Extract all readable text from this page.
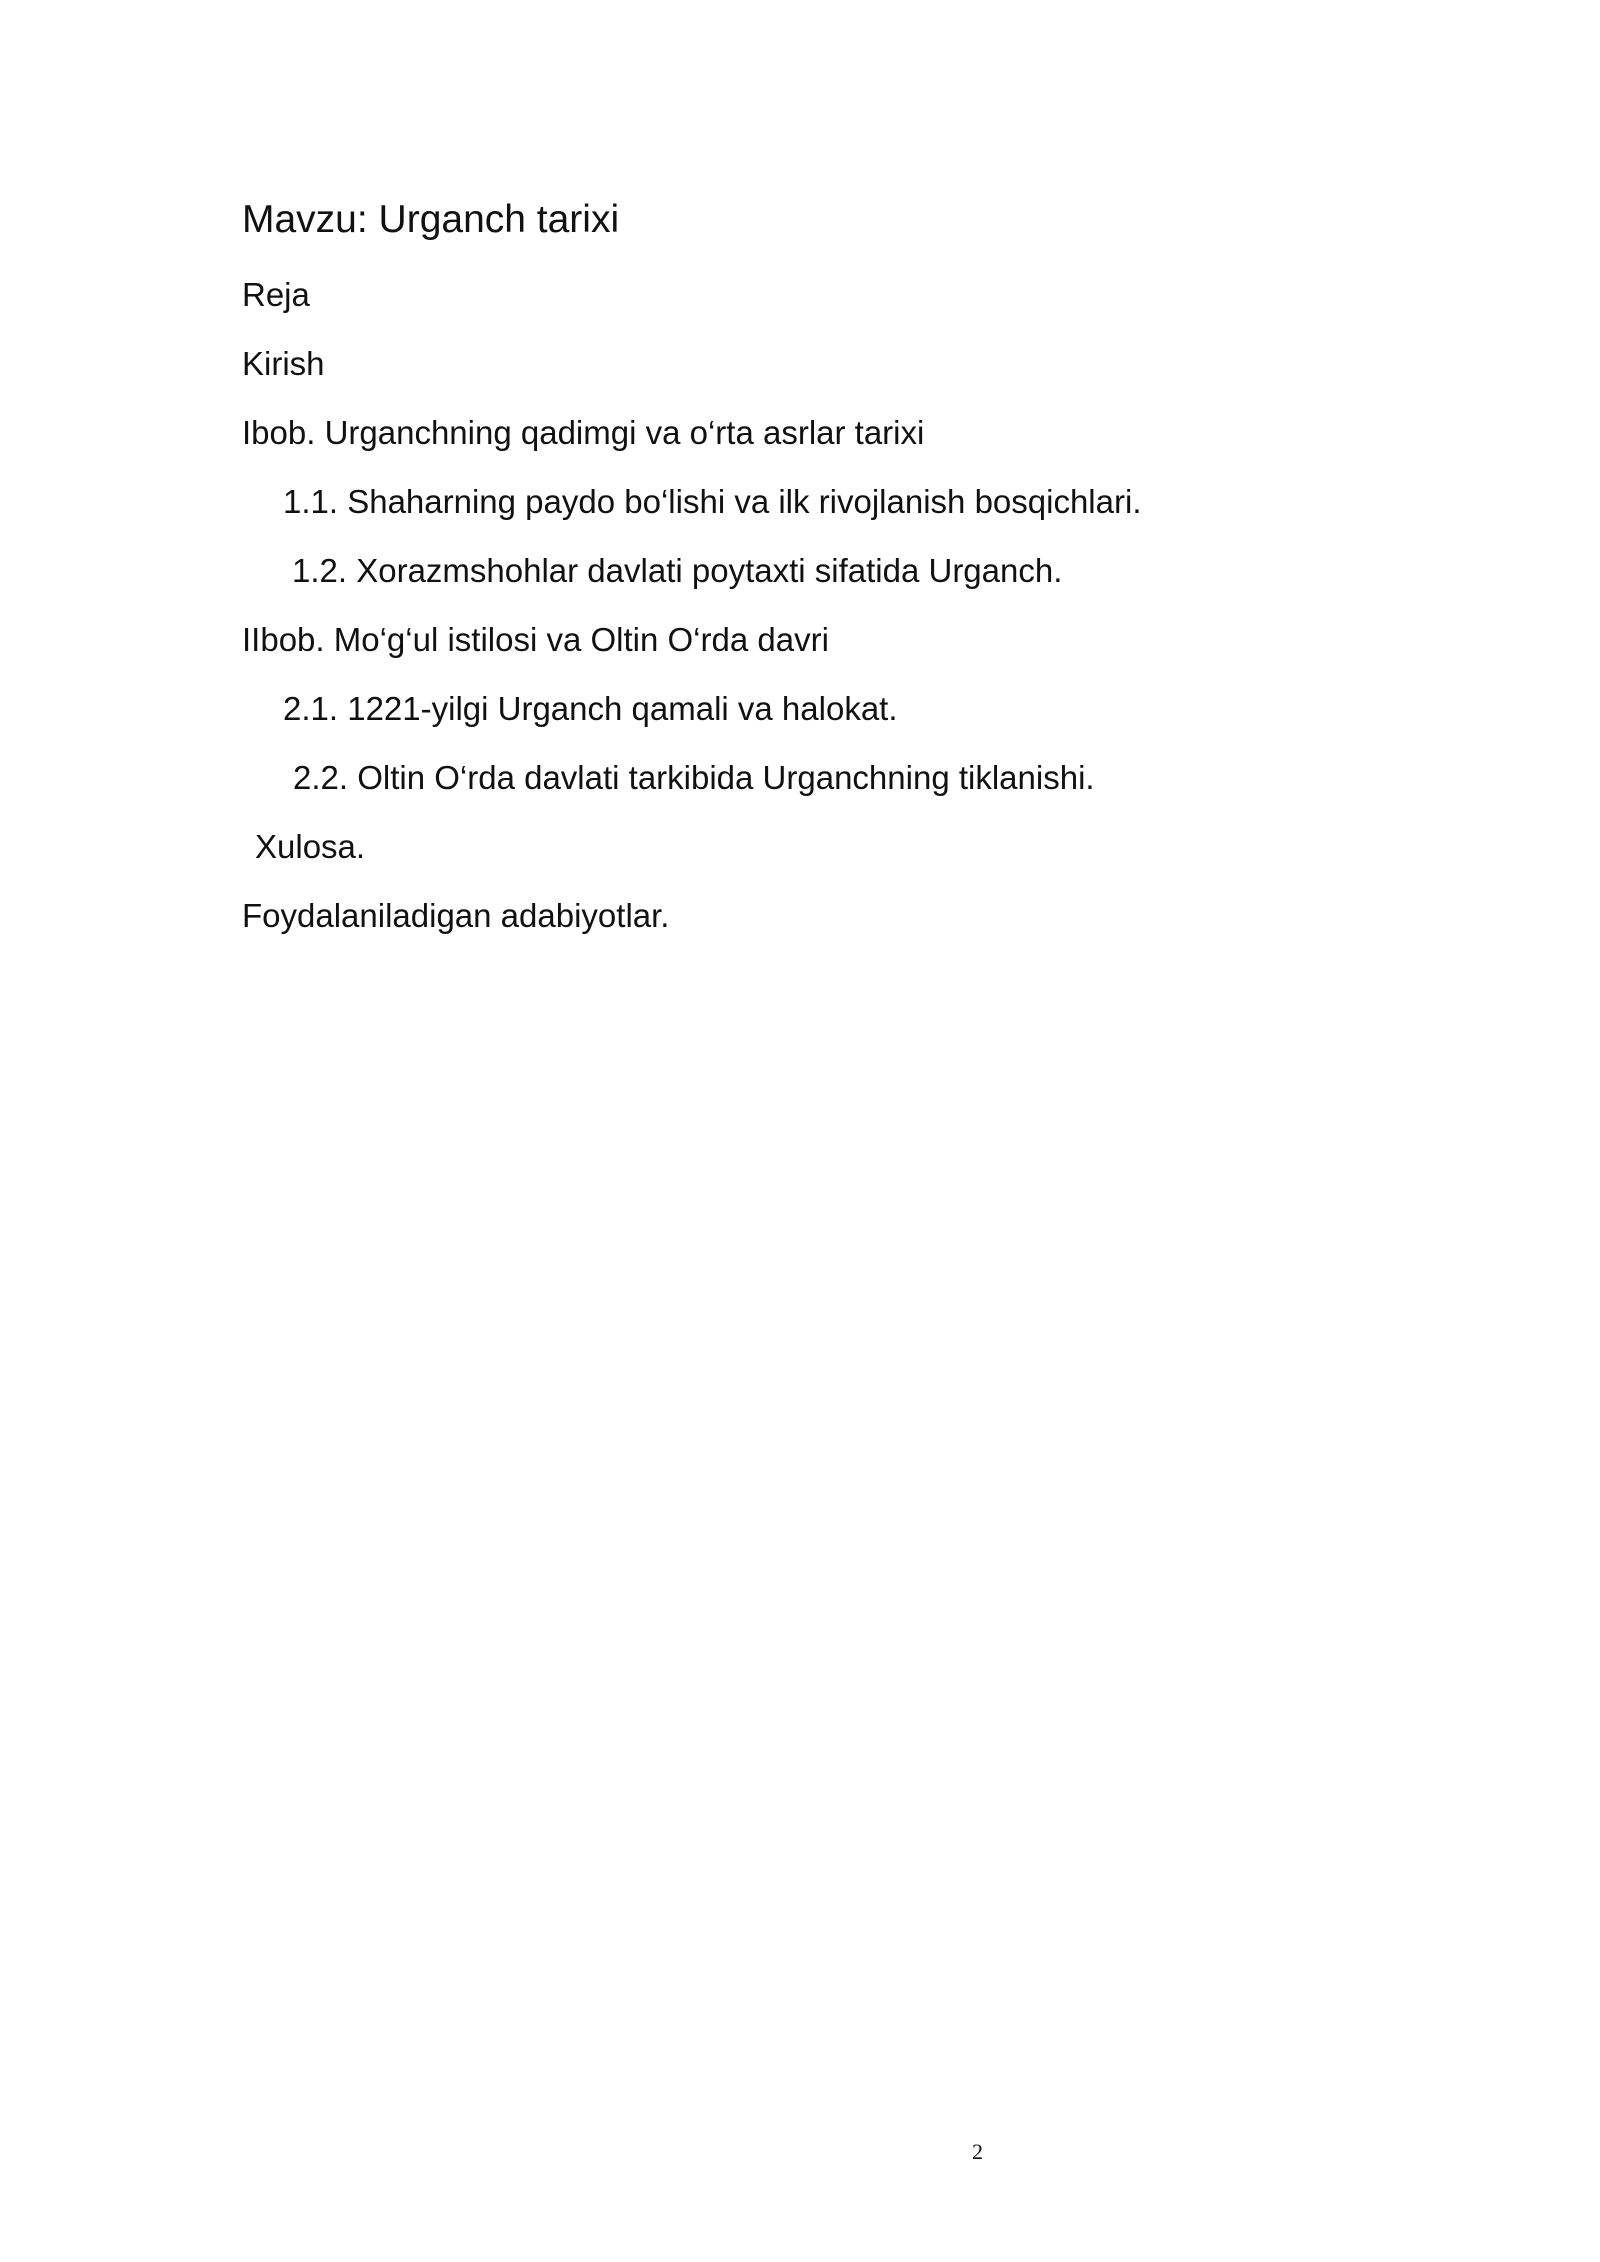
Mavzu: Urganch tarixi
Reja
Kirish
Ibob. Urganchning qadimgi va o‘rta asrlar tarixi
1.1. Shaharning paydo bo‘lishi va ilk rivojlanish bosqichlari.
1.2. Xorazmshohlar davlati poytaxti sifatida Urganch.
IIbob. Mo‘g‘ul istilosi va Oltin O‘rda davri
2.1. 1221-yilgi Urganch qamali va halokat.
2.2. Oltin O‘rda davlati tarkibida Urganchning tiklanishi.
Xulosa.
Foydalaniladigan adabiyotlar.
2
